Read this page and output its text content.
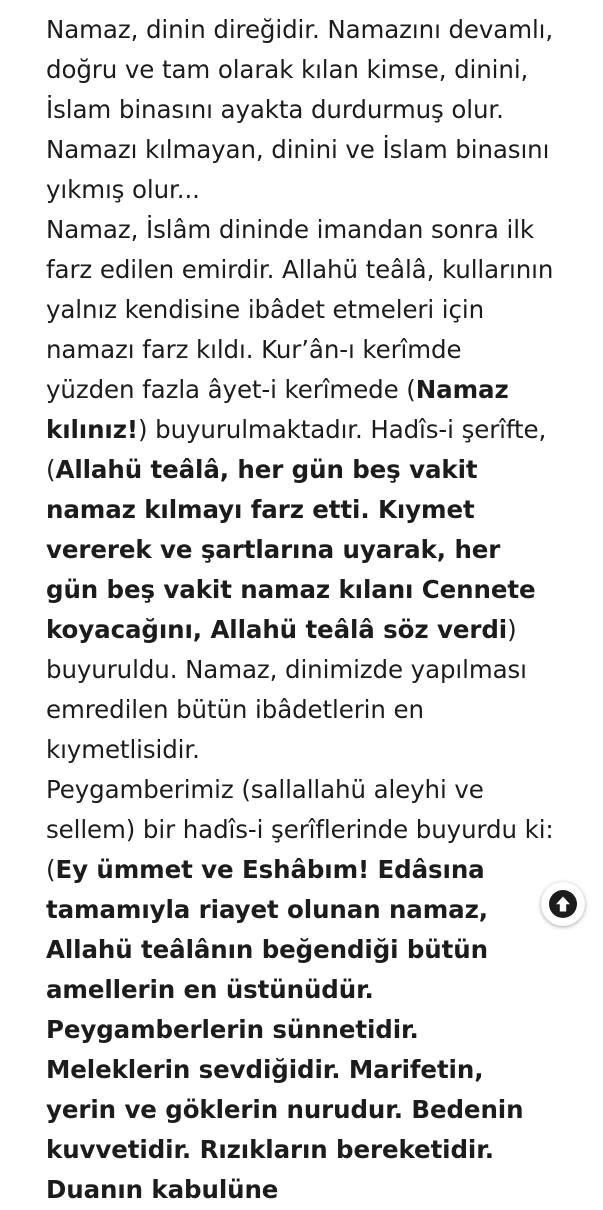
Namaz, dinin direğidir. Namazını devamlı, doğru ve tam olarak kılan kimse, dinini, İslam binasını ayakta durdurmuş olur. Namazı kılmayan, dinini ve İslam binasını yıkmış olur...

Namaz, İslâm dininde imandan sonra ilk farz edilen emirdir. Allahü teâlâ, kullarının yalnız kendisine ibâdet etmeleri için namazı farz kıldı. Kur’ân-ı kerîmde yüzden fazla âyet-i kerîmede (Namaz kılınız!) buyurulmaktadır. Hadîs-i şerîfte, (Allahü teâlâ, her gün beş vakit namaz kılmayı farz etti. Kıymet vererek ve şartlarına uyarak, her gün beş vakit namaz kılanı Cennete koyacağını, Allahü teâlâ söz verdi) buyuruldu. Namaz, dinimizde yapılması emredilen bütün ibâdetlerin en kıymetlisidir.

Peygamberimiz (sallallahü aleyhi ve sellem) bir hadîs-i şerîflerinde buyurdu ki: (Ey ümmet ve Eshâbım! Edâsına tamamıyla riayet olunan namaz, Allahü teâlânın beğendiği bütün amellerin en üstünüdür. Peygamberlerin sünnetidir. Meleklerin sevdiğidir. Marifetin, yerin ve göklerin nurudur. Bedenin kuvvetidir. Rızıkların bereketidir. Duanın kabulüne
